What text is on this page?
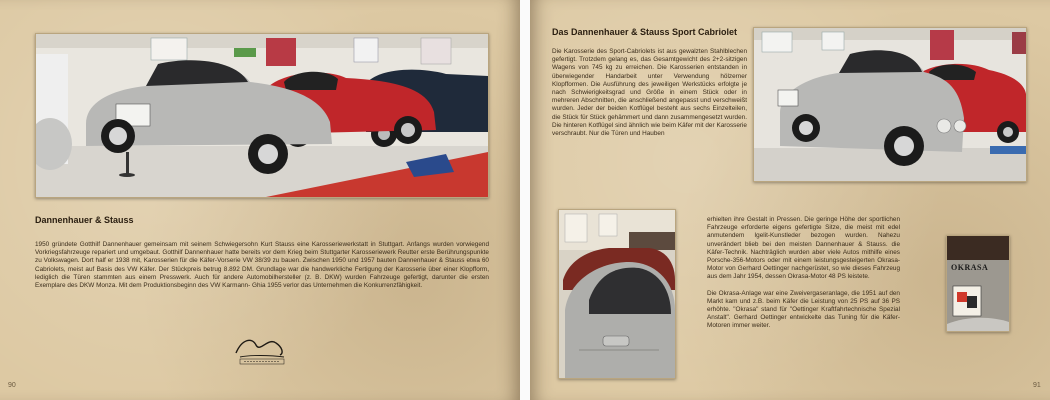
Dannenhauer & Stauss

1950 gründete Gotthilf Dannenhauer gemeinsam mit seinem Schwiegersohn Kurt Stauss eine Karosseriewerkstatt in Stuttgart. Anfangs wurden vorwiegend Vorkriegsfahrzeuge repariert und umgebaut. Gotthilf Dannenhauer hatte bereits vor dem Krieg beim Stuttgarter Karosseriewerk Reutter erste Berührungspunkte zu Volkswagen. Dort half er 1938 mit, Karosserien für die Käfer-Vorserie VW 38/39 zu bauen. Zwischen 1950 und 1957 bauten Dannenhauer & Stauss etwa 60 Cabriolets, meist auf Basis des VW Käfer. Der Stückpreis betrug 8.892 DM. Grundlage war die handwerkliche Fertigung der Karosserie über einer Klopfform, lediglich die Türen stammten aus einem Presswerk. Auch für andere Automobilhersteller (z. B. DKW) wurden Fahrzeuge gefertigt, darunter die ersten Exemplare des DKW Monza. Mit dem Produktionsbeginn des VW Karmann- Ghia 1955 verlor das Unternehmen die Konkurrenzfähigkeit.

90
Das Dannenhauer & Stauss Sport Cabriolet

Die Karosserie des Sport-Cabriolets ist aus gewalzten Stahlblechen gefertigt. Trotzdem gelang es, das Gesamtgewicht des 2+2-sitzigen Wagens von 745 kg zu erreichen. Die Karosserien entstanden in überwiegender Handarbeit unter Verwendung hölzerner Klopfformen. Die Ausführung des jeweiligen Werkstücks erfolgte je nach Schwierigkeitsgrad und Größe in einem Stück oder in mehreren Abschnitten, die anschließend angepasst und verschweißt wurden. Jeder der beiden Kotflügel besteht aus sechs Einzelteilen, die Stück für Stück gehämmert und dann zusammengesetzt wurden. Die hinteren Kotflügel sind ähnlich wie beim Käfer mit der Karosserie verschraubt. Nur die Türen und Hauben

erhielten ihre Gestalt in Pressen. Die geringe Höhe der sportlichen Fahrzeuge erforderte eigens gefertigte Sitze, die meist mit edel anmutendem Igelit-Kunstleder bezogen wurden. Nahezu unverändert blieb bei den meisten Dannenhauer & Stauss. die Käfer-Technik. Nachträglich wurden aber viele Autos mithilfe eines Porsche-356-Motors oder mit einem leistungsgesteigerten Okrasa-Motor von Gerhard Oettinger nachgerüstet, so wie dieses Fahrzeug aus dem Jahr 1954, dessen Okrasa-Motor 48 PS leistete.

Die Okrasa-Anlage war eine Zweivergaseranlage, die 1951 auf den Markt kam und z.B. beim Käfer die Leistung von 25 PS auf 36 PS erhöhte. "Okrasa" stand für "Oettinger Kraftfahrtechnische Spezial Anstalt". Gerhard Oettinger entwickelte das Tuning für die Käfer-Motoren immer weiter.

OKRASA
91
